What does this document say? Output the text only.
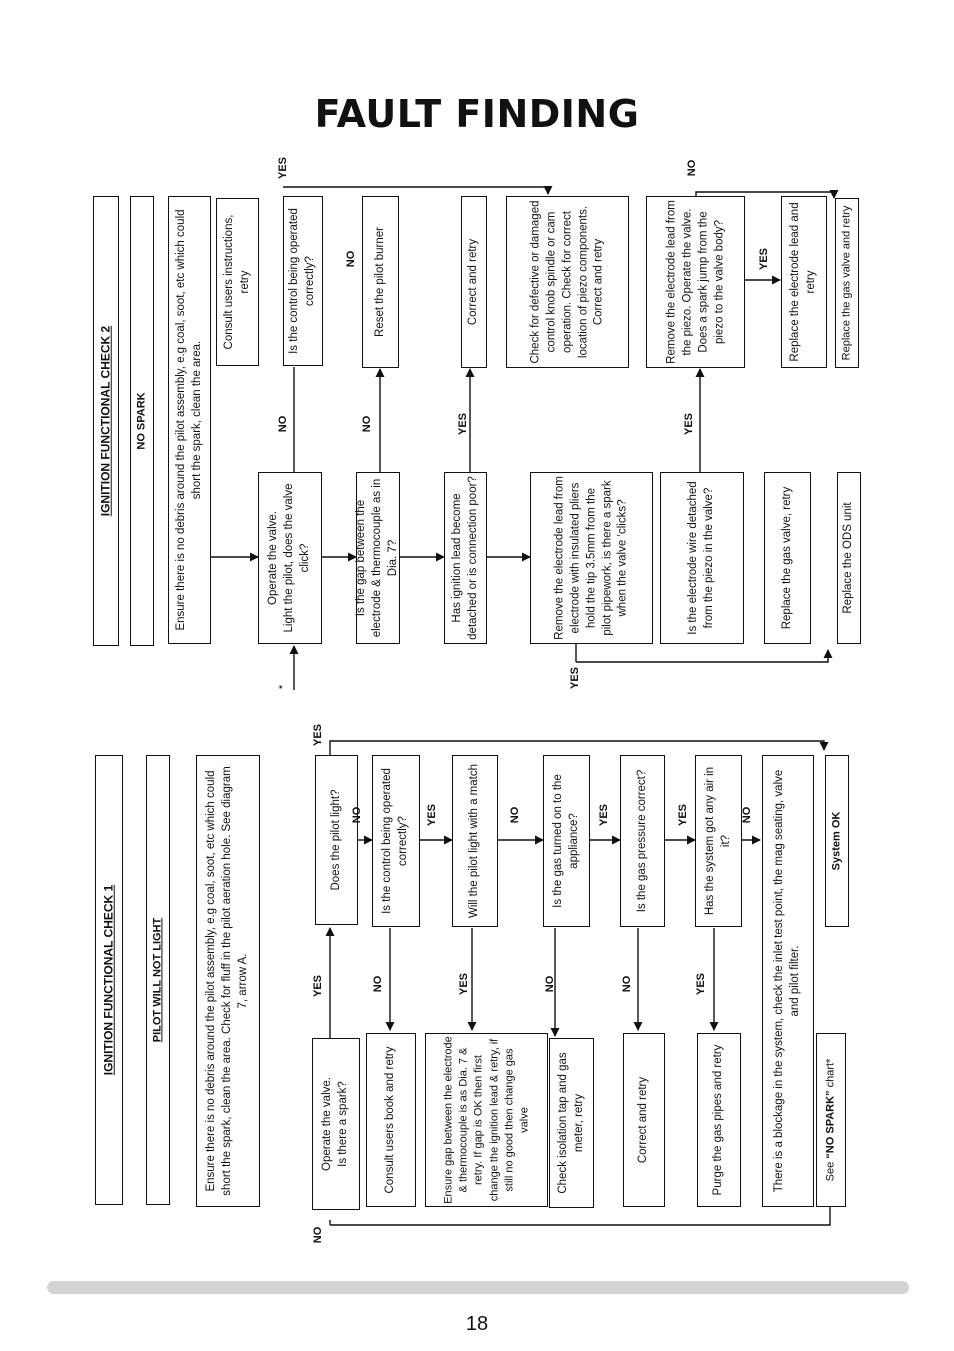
FAULT FINDING
IGNITION FUNCTIONAL CHECK 1	PILOT WILL NOT LIGHT	Ensure there is no debris around the pilot assembly, e.g coal, soot, etc which could short the spark, clean the area. Check for fluff in the pilot aeration hole. See diagram 7, arrow A.
Operate the valve.
Is there a spark?
Does the pilot light?	Is the control being operated correctly?	Will the pilot light with a match	Is the gas turned on to the appliance?	Is the gas pressure correct?	Has the system got any air in it?
Consult users book and retry	Ensure gap between the electrode & thermocouple is as Dia. 7 & retry. If gap is OK then first change the ignition lead & retry, if still no good then change gas valve Check isolation tap and gas meter, retry	Correct and retry	Purge the gas pipes and retry	There is a blockage in the system, check the inlet test point, the mag seating, valve and pilot filter.
See “NO SPARK” chart*
System OK
NO
YES
YES
NO
NO
YES
YES
NO
NO
YES
NO
YES
YES
NO
IGNITION FUNCTIONAL CHECK 2 NO SPARK Ensure there is no debris around the pilot assembly, e.g coal, soot, etc which could short the spark, clean the area.
Consult users instructions, retry	Is the control being operated correctly?	Reset the pilot burner	Correct and retry	Check for defective or damaged control knob spindle or cam operation. Check for correct location of piezo components. Correct and retry	Remove the electrode lead from the piezo. Operate the valve. Does a spark jump from the piezo to the valve body?	Replace the electrode lead and retry Replace the gas valve and retry
Operate the valve.
Light the pilot, does the valve click?	Is the gap between the electrode & thermocouple as in Dia. 7?	Has ignition lead become detached or is connection poor?	Remove the electrode lead from electrode with insulated pliers hold the tip 3.5mm from the pilot pipework, is there a spark when the valve ‘clicks?	Is the electrode wire detached from the piezo in the valve?	Replace the gas valve, retry	Replace the ODS unit
YES
NO
NO
NO	YES
YES
YES
NO
YES
*
18
